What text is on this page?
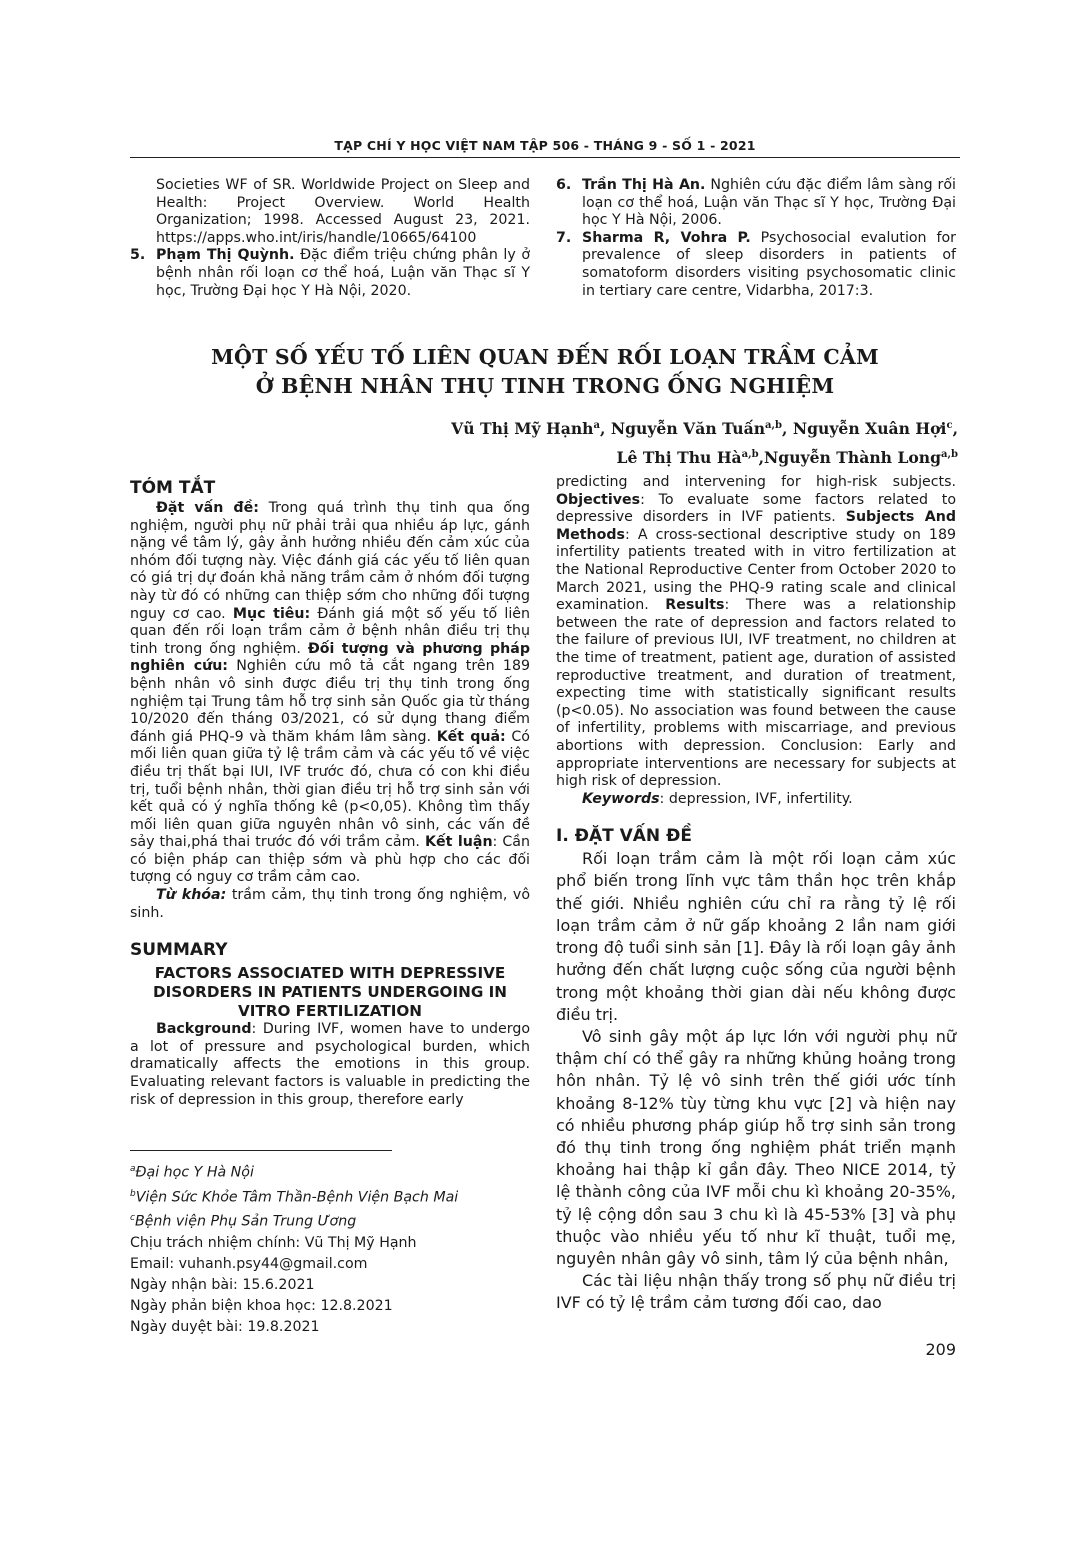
TẠP CHÍ Y HỌC VIỆT NAM TẬP 506 - THÁNG 9 - SỐ 1 - 2021
Societies WF of SR. Worldwide Project on Sleep and Health: Project Overview. World Health Organization; 1998. Accessed August 23, 2021. https://apps.who.int/iris/handle/10665/64100
5. Phạm Thị Quỳnh. Đặc điểm triệu chứng phân ly ở bệnh nhân rối loạn cơ thể hoá, Luận văn Thạc sĩ Y học, Trường Đại học Y Hà Nội, 2020.
6. Trần Thị Hà An. Nghiên cứu đặc điểm lâm sàng rối loạn cơ thể hoá, Luận văn Thạc sĩ Y học, Trường Đại học Y Hà Nội, 2006.
7. Sharma R, Vohra P. Psychosocial evalution for prevalence of sleep disorders in patients of somatoform disorders visiting psychosomatic clinic in tertiary care centre, Vidarbha, 2017:3.
MỘT SỐ YẾU TỐ LIÊN QUAN ĐẾN RỐI LOẠN TRẦM CẢM
Ở BỆNH NHÂN THỤ TINH TRONG ỐNG NGHIỆM
Vũ Thị Mỹ Hạnh$^a$, Nguyễn Văn Tuấn$^{a,b}$, Nguyễn Xuân Hợi$^c$,
Lê Thị Thu Hà$^{a,b}$,Nguyễn Thành Long$^{a,b}$
TÓM TẮT

Đặt vấn đề: Trong quá trình thụ tinh qua ống nghiệm, người phụ nữ phải trải qua nhiều áp lực, gánh nặng về tâm lý, gây ảnh hưởng nhiều đến cảm xúc của nhóm đối tượng này. Việc đánh giá các yếu tố liên quan có giá trị dự đoán khả năng trầm cảm ở nhóm đối tượng này từ đó có những can thiệp sớm cho những đối tượng nguy cơ cao. Mục tiêu: Đánh giá một số yếu tố liên quan đến rối loạn trầm cảm ở bệnh nhân điều trị thụ tinh trong ống nghiệm. Đối tượng và phương pháp nghiên cứu: Nghiên cứu mô tả cắt ngang trên 189 bệnh nhân vô sinh được điều trị thụ tinh trong ống nghiệm tại Trung tâm hỗ trợ sinh sản Quốc gia từ tháng 10/2020 đến tháng 03/2021, có sử dụng thang điểm đánh giá PHQ-9 và thăm khám lâm sàng. Kết quả: Có mối liên quan giữa tỷ lệ trầm cảm và các yếu tố về việc điều trị thất bại IUI, IVF trước đó, chưa có con khi điều trị, tuổi bệnh nhân, thời gian điều trị hỗ trợ sinh sản với kết quả có ý nghĩa thống kê (p<0,05). Không tìm thấy mối liên quan giữa nguyên nhân vô sinh, các vấn đề sảy thai,phá thai trước đó với trầm cảm. Kết luận: Cần có biện pháp can thiệp sớm và phù hợp cho các đối tượng có nguy cơ trầm cảm cao.

Từ khóa: trầm cảm, thụ tinh trong ống nghiệm, vô sinh.

SUMMARY
FACTORS ASSOCIATED WITH DEPRESSIVE DISORDERS IN PATIENTS UNDERGOING IN VITRO FERTILIZATION

Background: During IVF, women have to undergo a lot of pressure and psychological burden, which dramatically affects the emotions in this group. Evaluating relevant factors is valuable in predicting the risk of depression in this group, therefore early

$^a$Đại học Y Hà Nội
$^b$Viện Sức Khỏe Tâm Thần-Bệnh Viện Bạch Mai
$^c$Bệnh viện Phụ Sản Trung Ương
Chịu trách nhiệm chính: Vũ Thị Mỹ Hạnh
Email: vuhanh.psy44@gmail.com
Ngày nhận bài: 15.6.2021
Ngày phản biện khoa học: 12.8.2021
Ngày duyệt bài: 19.8.2021

predicting and intervening for high-risk subjects. Objectives: To evaluate some factors related to depressive disorders in IVF patients. Subjects And Methods: A cross-sectional descriptive study on 189 infertility patients treated with in vitro fertilization at the National Reproductive Center from October 2020 to March 2021, using the PHQ-9 rating scale and clinical examination. Results: There was a relationship between the rate of depression and factors related to the failure of previous IUI, IVF treatment, no children at the time of treatment, patient age, duration of assisted reproductive treatment, and duration of treatment, expecting time with statistically significant results (p<0.05). No association was found between the cause of infertility, problems with miscarriage, and previous abortions with depression. Conclusion: Early and appropriate interventions are necessary for subjects at high risk of depression.

Keywords: depression, IVF, infertility.

I. ĐẶT VẤN ĐỀ

Rối loạn trầm cảm là một rối loạn cảm xúc phổ biến trong lĩnh vực tâm thần học trên khắp thế giới. Nhiều nghiên cứu chỉ ra rằng tỷ lệ rối loạn trầm cảm ở nữ gấp khoảng 2 lần nam giới trong độ tuổi sinh sản [1]. Đây là rối loạn gây ảnh hưởng đến chất lượng cuộc sống của người bệnh trong một khoảng thời gian dài nếu không được điều trị.

Vô sinh gây một áp lực lớn với người phụ nữ thậm chí có thể gây ra những khủng hoảng trong hôn nhân. Tỷ lệ vô sinh trên thế giới ước tính khoảng 8-12% tùy từng khu vực [2] và hiện nay có nhiều phương pháp giúp hỗ trợ sinh sản trong đó thụ tinh trong ống nghiệm phát triển mạnh khoảng hai thập kỉ gần đây. Theo NICE 2014, tỷ lệ thành công của IVF mỗi chu kì khoảng 20-35%, tỷ lệ cộng dồn sau 3 chu kì là 45-53% [3] và phụ thuộc vào nhiều yếu tố như kĩ thuật, tuổi mẹ, nguyên nhân gây vô sinh, tâm lý của bệnh nhân,

Các tài liệu nhận thấy trong số phụ nữ điều trị IVF có tỷ lệ trầm cảm tương đối cao, dao

209
